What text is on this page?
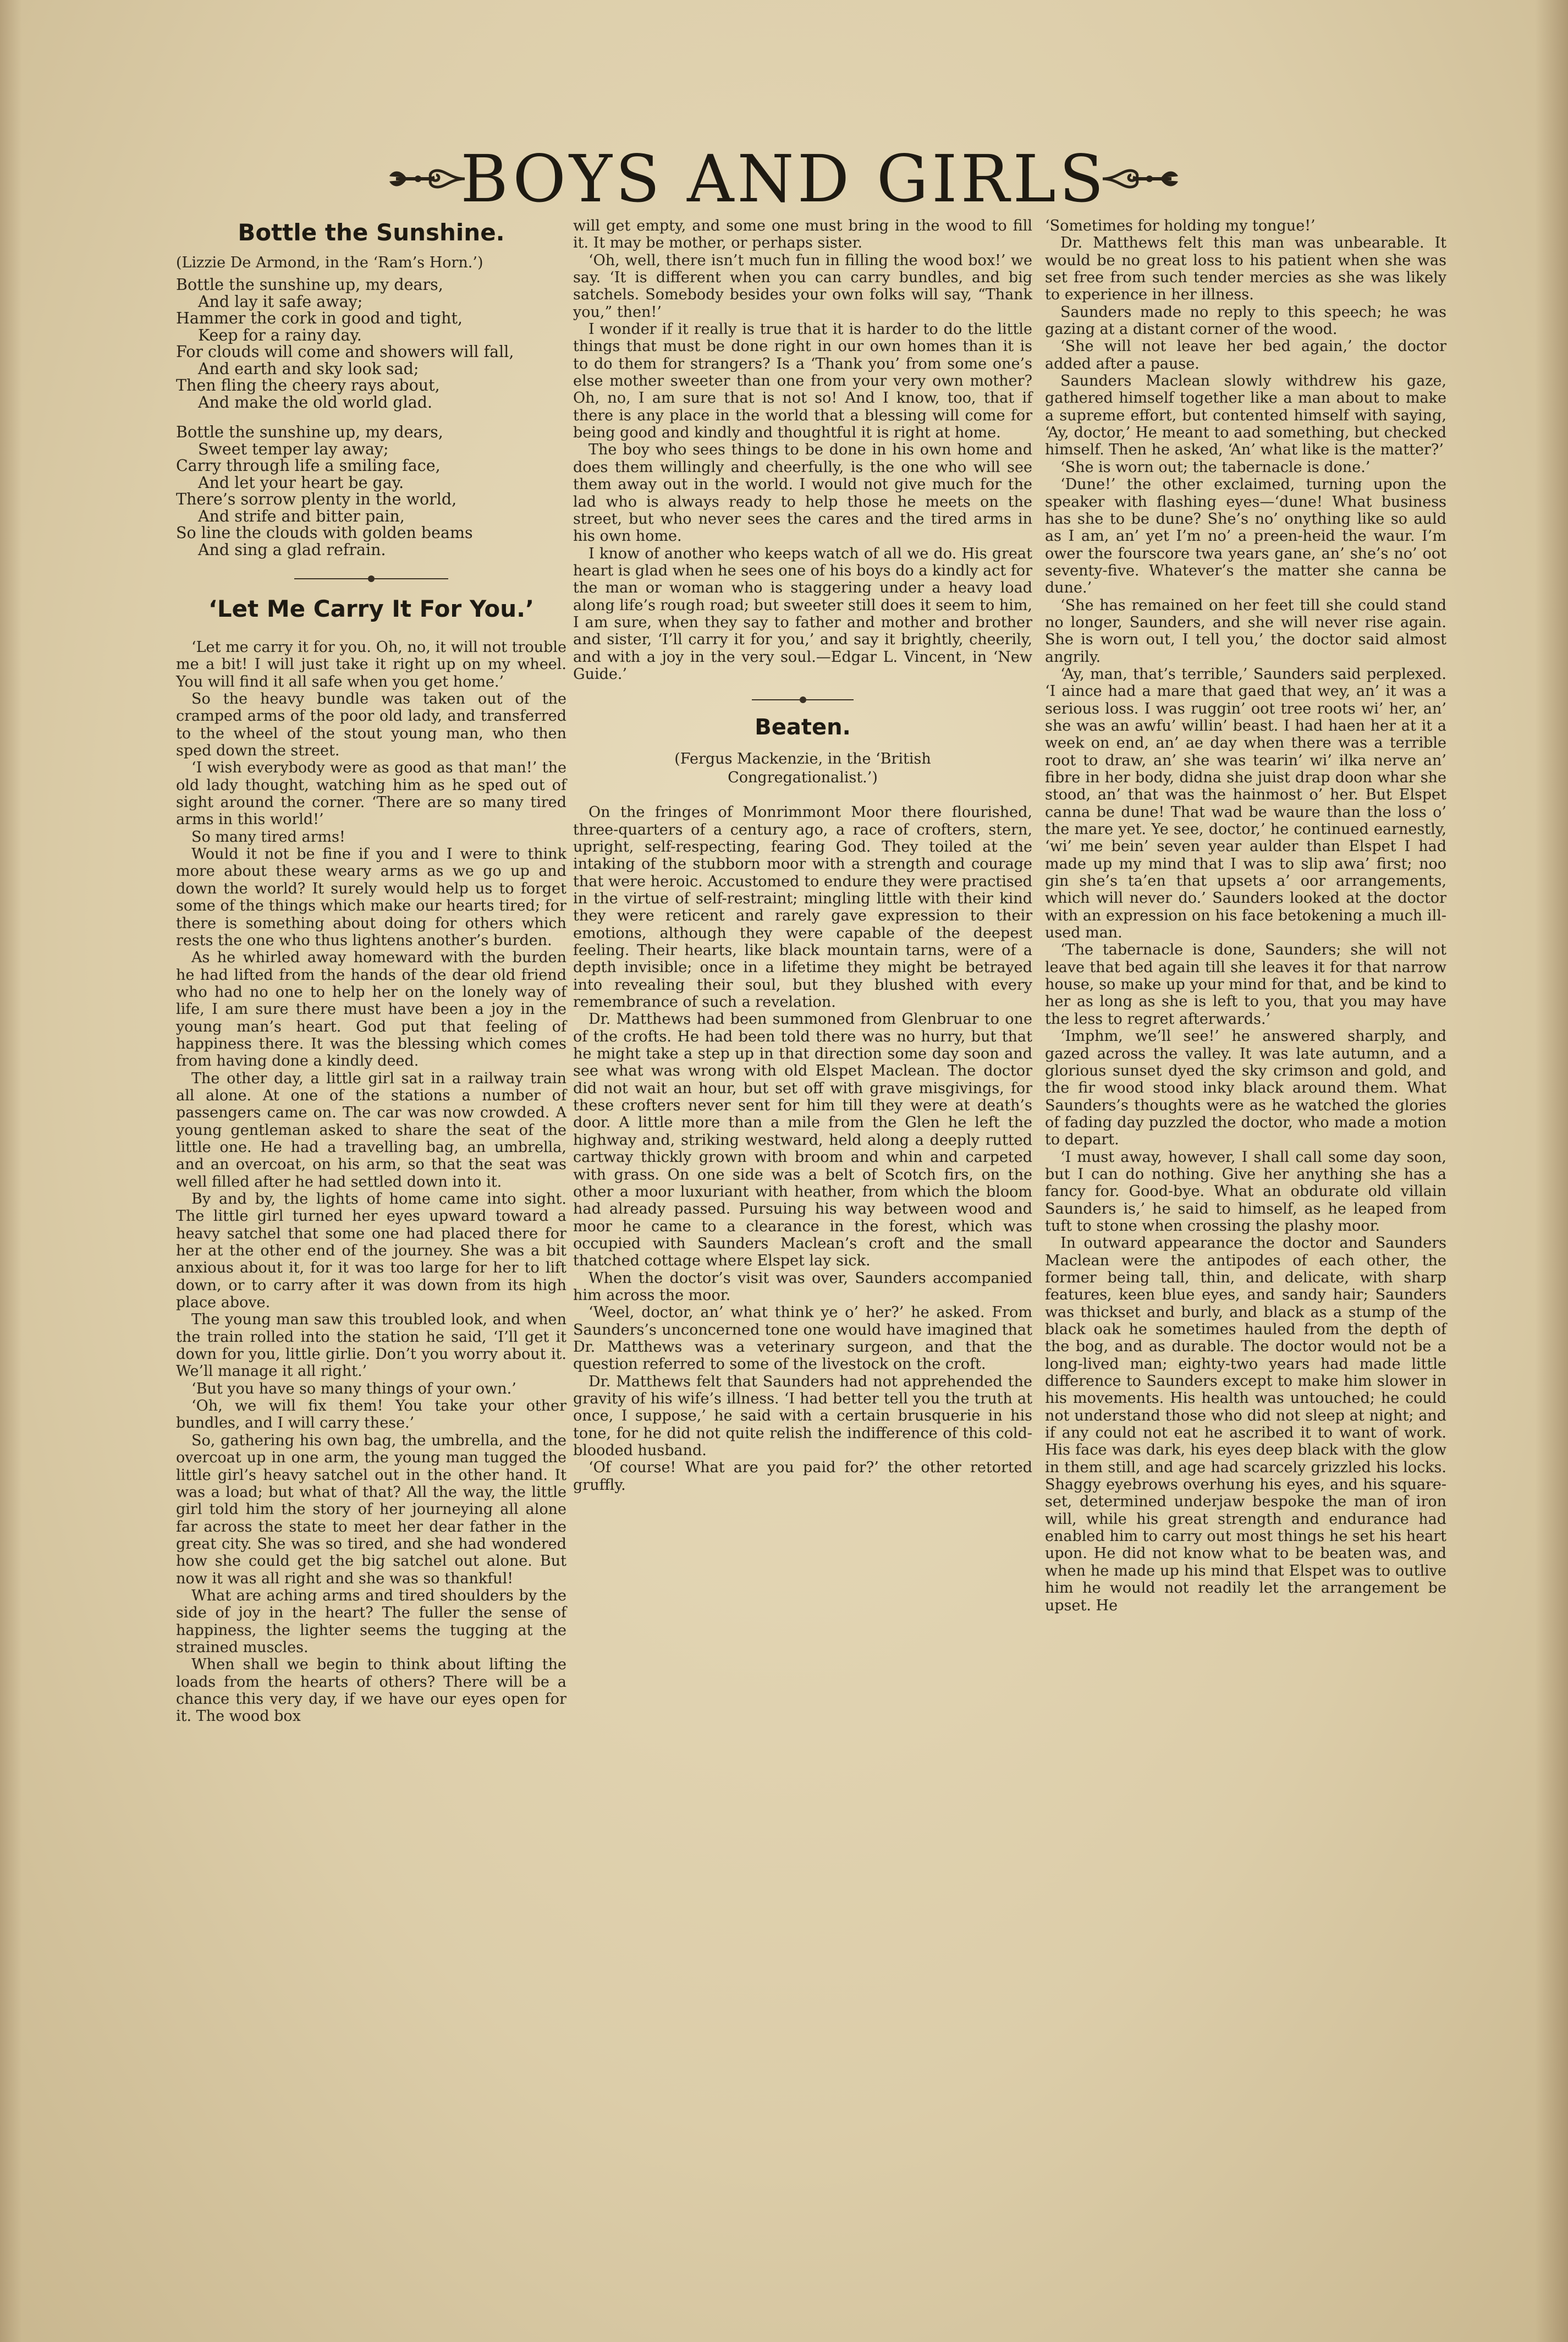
BOYS AND GIRLS
Bottle the Sunshine.
(Lizzie De Armond, in the ‘Ram’s Horn.’)
Bottle the sunshine up, my dears,
And lay it safe away;
Hammer the cork in good and tight,
Keep for a rainy day.
For clouds will come and showers will fall,
And earth and sky look sad;
Then fling the cheery rays about,
And make the old world glad.
Bottle the sunshine up, my dears,
Sweet temper lay away;
Carry through life a smiling face,
And let your heart be gay.
There’s sorrow plenty in the world,
And strife and bitter pain,
So line the clouds with golden beams
And sing a glad refrain.
‘Let Me Carry It For You.’

‘Let me carry it for you. Oh, no, it will not trouble me a bit! I will just take it right up on my wheel. You will find it all safe when you get home.’

So the heavy bundle was taken out of the cramped arms of the poor old lady, and transferred to the wheel of the stout young man, who then sped down the street.

‘I wish everybody were as good as that man!’ the old lady thought, watching him as he sped out of sight around the corner. ‘There are so many tired arms in this world!’

So many tired arms!

Would it not be fine if you and I were to think more about these weary arms as we go up and down the world? It surely would help us to forget some of the things which make our hearts tired; for there is something about doing for others which rests the one who thus lightens another’s burden.

As he whirled away homeward with the burden he had lifted from the hands of the dear old friend who had no one to help her on the lonely way of life, I am sure there must have been a joy in the young man’s heart. God put that feeling of happiness there. It was the blessing which comes from having done a kindly deed.

The other day, a little girl sat in a railway train all alone. At one of the stations a number of passengers came on. The car was now crowded. A young gentleman asked to share the seat of the little one. He had a travelling bag, an umbrella, and an overcoat, on his arm, so that the seat was well filled after he had settled down into it.

By and by, the lights of home came into sight. The little girl turned her eyes upward toward a heavy satchel that some one had placed there for her at the other end of the journey. She was a bit anxious about it, for it was too large for her to lift down, or to carry after it was down from its high place above.

The young man saw this troubled look, and when the train rolled into the station he said, ‘I’ll get it down for you, little girlie. Don’t you worry about it. We’ll manage it all right.’

‘But you have so many things of your own.’

‘Oh, we will fix them! You take your other bundles, and I will carry these.’

So, gathering his own bag, the umbrella, and the overcoat up in one arm, the young man tugged the little girl’s heavy satchel out in the other hand. It was a load; but what of that? All the way, the little girl told him the story of her journeying all alone far across the state to meet her dear father in the great city. She was so tired, and she had wondered how she could get the big satchel out alone. But now it was all right and she was so thankful!

What are aching arms and tired shoulders by the side of joy in the heart? The fuller the sense of happiness, the lighter seems the tugging at the strained muscles.

When shall we begin to think about lifting the loads from the hearts of others? There will be a chance this very day, if we have our eyes open for it. The wood box

will get empty, and some one must bring in the wood to fill it. It may be mother, or perhaps sister.

‘Oh, well, there isn’t much fun in filling the wood box!’ we say. ‘It is different when you can carry bundles, and big satchels. Somebody besides your own folks will say, “Thank you,” then!’

I wonder if it really is true that it is harder to do the little things that must be done right in our own homes than it is to do them for strangers? Is a ‘Thank you’ from some one’s else mother sweeter than one from your very own mother? Oh, no, I am sure that is not so! And I know, too, that if there is any place in the world that a blessing will come for being good and kindly and thoughtful it is right at home.

The boy who sees things to be done in his own home and does them willingly and cheerfully, is the one who will see them away out in the world. I would not give much for the lad who is always ready to help those he meets on the street, but who never sees the cares and the tired arms in his own home.

I know of another who keeps watch of all we do. His great heart is glad when he sees one of his boys do a kindly act for the man or woman who is staggering under a heavy load along life’s rough road; but sweeter still does it seem to him, I am sure, when they say to father and mother and brother and sister, ‘I’ll carry it for you,’ and say it brightly, cheerily, and with a joy in the very soul.—Edgar L. Vincent, in ‘New Guide.’

Beaten.
(Fergus Mackenzie, in the ‘British Congregationalist.’)

On the fringes of Monrimmont Moor there flourished, three-quarters of a century ago, a race of crofters, stern, upright, self-respecting, fearing God. They toiled at the intaking of the stubborn moor with a strength and courage that were heroic. Accustomed to endure they were practised in the virtue of self-restraint; mingling little with their kind they were reticent and rarely gave expression to their emotions, although they were capable of the deepest feeling. Their hearts, like black mountain tarns, were of a depth invisible; once in a lifetime they might be betrayed into revealing their soul, but they blushed with every remembrance of such a revelation.

Dr. Matthews had been summoned from Glenbruar to one of the crofts. He had been told there was no hurry, but that he might take a step up in that direction some day soon and see what was wrong with old Elspet Maclean. The doctor did not wait an hour, but set off with grave misgivings, for these crofters never sent for him till they were at death’s door. A little more than a mile from the Glen he left the highway and, striking westward, held along a deeply rutted cartway thickly grown with broom and whin and carpeted with grass. On one side was a belt of Scotch firs, on the other a moor luxuriant with heather, from which the bloom had already passed. Pursuing his way between wood and moor he came to a clearance in the forest, which was occupied with Saunders Maclean’s croft and the small thatched cottage where Elspet lay sick.

When the doctor’s visit was over, Saunders accompanied him across the moor.

‘Weel, doctor, an’ what think ye o’ her?’ he asked. From Saunders’s unconcerned tone one would have imagined that Dr. Matthews was a veterinary surgeon, and that the question referred to some of the livestock on the croft.

Dr. Matthews felt that Saunders had not apprehended the gravity of his wife’s illness. ‘I had better tell you the truth at once, I suppose,’ he said with a certain brusquerie in his tone, for he did not quite relish the indifference of this cold-blooded husband.

‘Of course! What are you paid for?’ the other retorted gruffly.

‘Sometimes for holding my tongue!’

Dr. Matthews felt this man was unbearable. It would be no great loss to his patient when she was set free from such tender mercies as she was likely to experience in her illness.

Saunders made no reply to this speech; he was gazing at a distant corner of the wood.

‘She will not leave her bed again,’ the doctor added after a pause.

Saunders Maclean slowly withdrew his gaze, gathered himself together like a man about to make a supreme effort, but contented himself with saying, ‘Ay, doctor,’ He meant to aad something, but checked himself. Then he asked, ‘An’ what like is the matter?’

‘She is worn out; the tabernacle is done.’

‘Dune!’ the other exclaimed, turning upon the speaker with flashing eyes—‘dune! What business has she to be dune? She’s no’ onything like so auld as I am, an’ yet I’m no’ a preen-heid the waur. I’m ower the fourscore twa years gane, an’ she’s no’ oot seventy-five. Whatever’s the matter she canna be dune.’

‘She has remained on her feet till she could stand no longer, Saunders, and she will never rise again. She is worn out, I tell you,’ the doctor said almost angrily.

‘Ay, man, that’s terrible,’ Saunders said perplexed. ‘I aince had a mare that gaed that wey, an’ it was a serious loss. I was ruggin’ oot tree roots wi’ her, an’ she was an awfu’ willin’ beast. I had haen her at it a week on end, an’ ae day when there was a terrible root to draw, an’ she was tearin’ wi’ ilka nerve an’ fibre in her body, didna she juist drap doon whar she stood, an’ that was the hainmost o’ her. But Elspet canna be dune! That wad be waure than the loss o’ the mare yet. Ye see, doctor,’ he continued earnestly, ‘wi’ me bein’ seven year aulder than Elspet I had made up my mind that I was to slip awa’ first; noo gin she’s ta’en that upsets a’ oor arrangements, which will never do.’ Saunders looked at the doctor with an expression on his face betokening a much ill-used man.

‘The tabernacle is done, Saunders; she will not leave that bed again till she leaves it for that narrow house, so make up your mind for that, and be kind to her as long as she is left to you, that you may have the less to regret afterwards.’

‘Imphm, we’ll see!’ he answered sharply, and gazed across the valley. It was late autumn, and a glorious sunset dyed the sky crimson and gold, and the fir wood stood inky black around them. What Saunders’s thoughts were as he watched the glories of fading day puzzled the doctor, who made a motion to depart.

‘I must away, however, I shall call some day soon, but I can do nothing. Give her anything she has a fancy for. Good-bye. What an obdurate old villain Saunders is,’ he said to himself, as he leaped from tuft to stone when crossing the plashy moor.

In outward appearance the doctor and Saunders Maclean were the antipodes of each other, the former being tall, thin, and delicate, with sharp features, keen blue eyes, and sandy hair; Saunders was thickset and burly, and black as a stump of the black oak he sometimes hauled from the depth of the bog, and as durable. The doctor would not be a long-lived man; eighty-two years had made little difference to Saunders except to make him slower in his movements. His health was untouched; he could not understand those who did not sleep at night; and if any could not eat he ascribed it to want of work. His face was dark, his eyes deep black with the glow in them still, and age had scarcely grizzled his locks. Shaggy eyebrows overhung his eyes, and his square-set, determined underjaw bespoke the man of iron will, while his great strength and endurance had enabled him to carry out most things he set his heart upon. He did not know what to be beaten was, and when he made up his mind that Elspet was to outlive him he would not readily let the arrangement be upset. He
